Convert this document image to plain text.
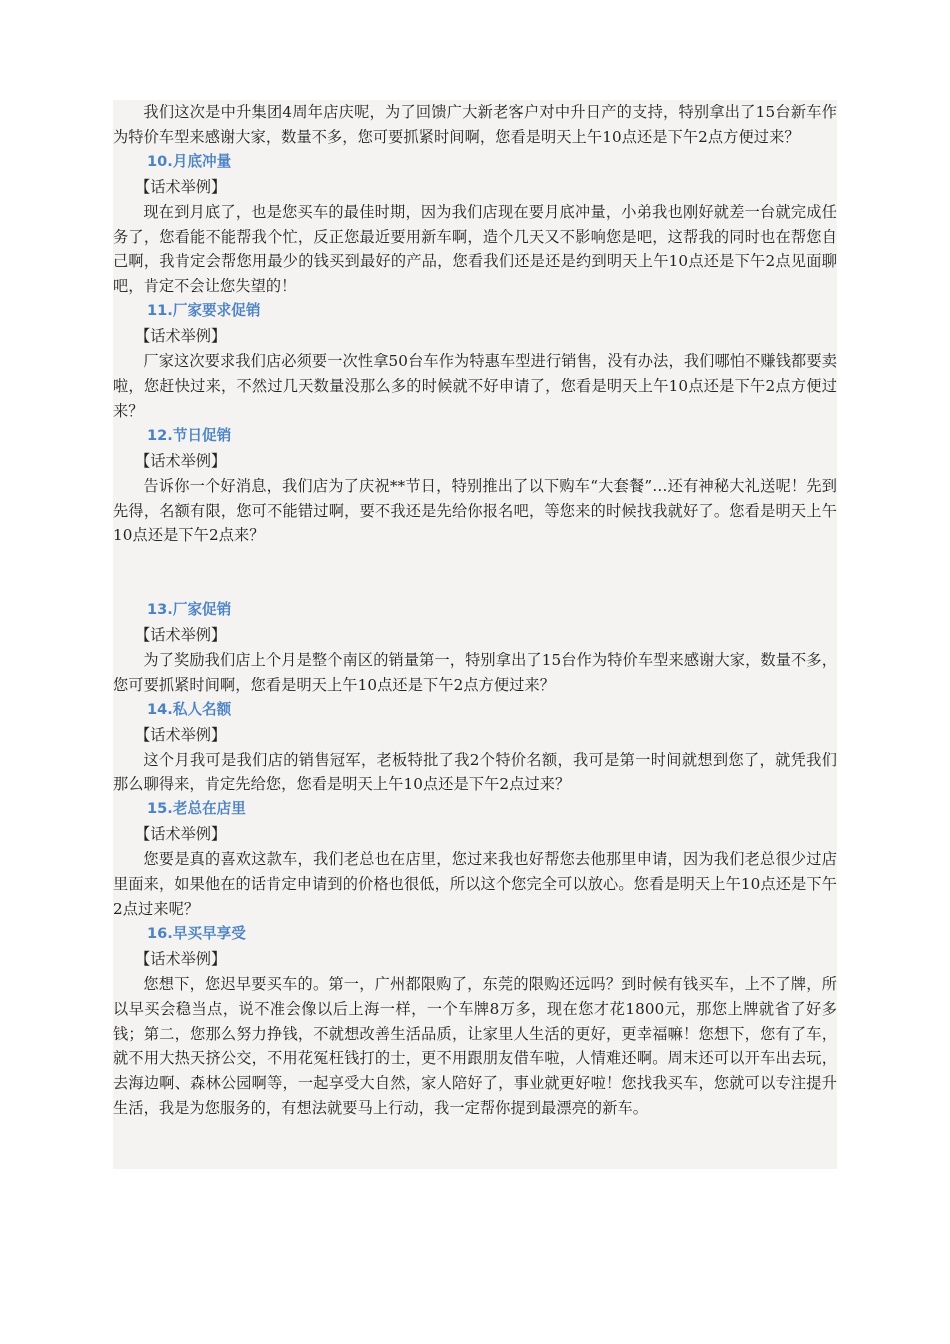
我们这次是中升集团4周年店庆呢，为了回馈广大新老客户对中升日产的支持，特别拿出了15台新车作为特价车型来感谢大家，数量不多，您可要抓紧时间啊，您看是明天上午10点还是下午2点方便过来？

10.月底冲量

【话术举例】

现在到月底了，也是您买车的最佳时期，因为我们店现在要月底冲量，小弟我也刚好就差一台就完成任务了，您看能不能帮我个忙，反正您最近要用新车啊，造个几天又不影响您是吧，这帮我的同时也在帮您自己啊，我肯定会帮您用最少的钱买到最好的产品，您看我们还是还是约到明天上午10点还是下午2点见面聊吧，肯定不会让您失望的！

11.厂家要求促销

【话术举例】

厂家这次要求我们店必须要一次性拿50台车作为特惠车型进行销售，没有办法，我们哪怕不赚钱都要卖啦，您赶快过来，不然过几天数量没那么多的时候就不好申请了，您看是明天上午10点还是下午2点方便过来？

12.节日促销

【话术举例】

告诉你一个好消息，我们店为了庆祝**节日，特别推出了以下购车“大套餐”…还有神秘大礼送呢！先到先得，名额有限，您可不能错过啊，要不我还是先给你报名吧，等您来的时候找我就好了。您看是明天上午10点还是下午2点来？

13.厂家促销

【话术举例】

为了奖励我们店上个月是整个南区的销量第一，特别拿出了15台作为特价车型来感谢大家，数量不多，您可要抓紧时间啊，您看是明天上午10点还是下午2点方便过来？

14.私人名额

【话术举例】

这个月我可是我们店的销售冠军，老板特批了我2个特价名额，我可是第一时间就想到您了，就凭我们那么聊得来，肯定先给您，您看是明天上午10点还是下午2点过来？

15.老总在店里

【话术举例】

您要是真的喜欢这款车，我们老总也在店里，您过来我也好帮您去他那里申请，因为我们老总很少过店里面来，如果他在的话肯定申请到的价格也很低，所以这个您完全可以放心。您看是明天上午10点还是下午2点过来呢？

16.早买早享受

【话术举例】

您想下，您迟早要买车的。第一，广州都限购了，东莞的限购还远吗？到时候有钱买车，上不了牌，所以早买会稳当点，说不准会像以后上海一样，一个车牌8万多，现在您才花1800元，那您上牌就省了好多钱；第二，您那么努力挣钱，不就想改善生活品质，让家里人生活的更好，更幸福嘛！您想下，您有了车，就不用大热天挤公交，不用花冤枉钱打的士，更不用跟朋友借车啦，人情难还啊。周末还可以开车出去玩，去海边啊、森林公园啊等，一起享受大自然，家人陪好了，事业就更好啦！您找我买车，您就可以专注提升生活，我是为您服务的，有想法就要马上行动，我一定帮你提到最漂亮的新车。
